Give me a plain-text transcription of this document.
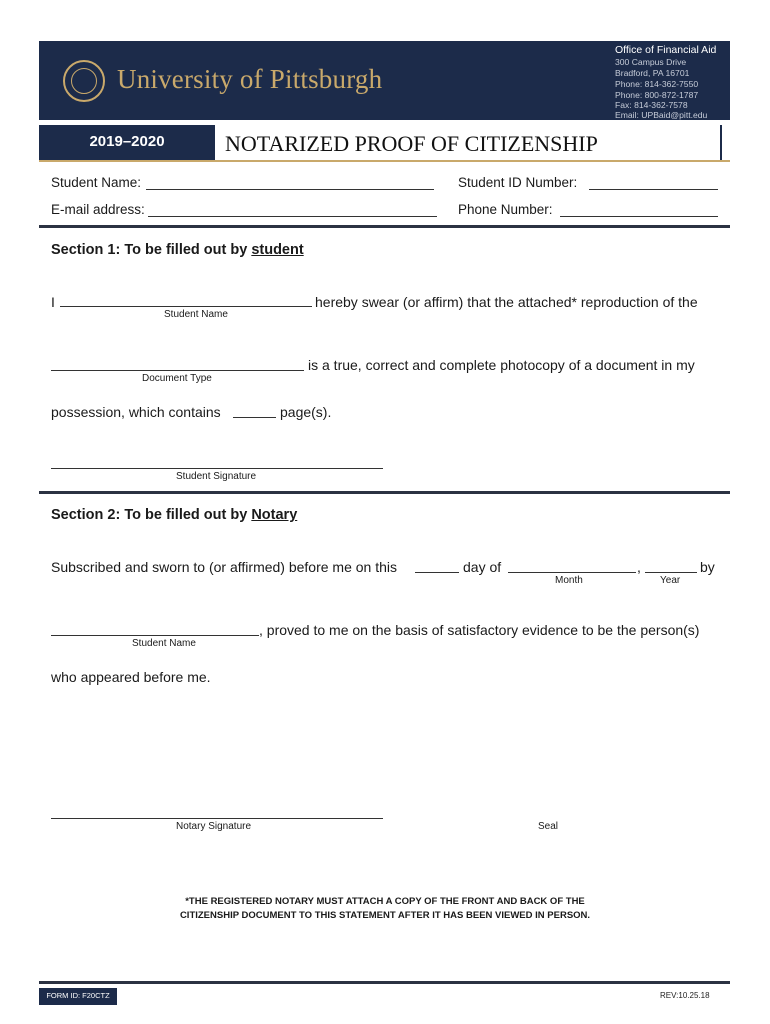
University of Pittsburgh
Office of Financial Aid
300 Campus Drive
Bradford, PA 16701
Phone: 814-362-7550
Phone: 800-872-1787
Fax: 814-362-7578
Email: UPBaid@pitt.edu
2019–2020	NOTARIZED PROOF OF CITIZENSHIP
Student Name:	Student ID Number:
E-mail address:	Phone Number:
Section 1: To be filled out by student
I	hereby swear (or affirm) that the attached* reproduction of the
Student Name
is a true, correct and complete photocopy of a document in my
Document Type
possession, which contains	page(s).
Student Signature
Section 2: To be filled out by Notary
Subscribed and sworn to (or affirmed) before me on this	day of	,	by
Month	Year
, proved to me on the basis of satisfactory evidence to be the person(s)
Student Name
who appeared before me.
Notary Signature	Seal
*THE REGISTERED NOTARY MUST ATTACH A COPY OF THE FRONT AND BACK OF THE
CITIZENSHIP DOCUMENT TO THIS STATEMENT AFTER IT HAS BEEN VIEWED IN PERSON.
FORM ID: F20CTZ	REV:10.25.18
